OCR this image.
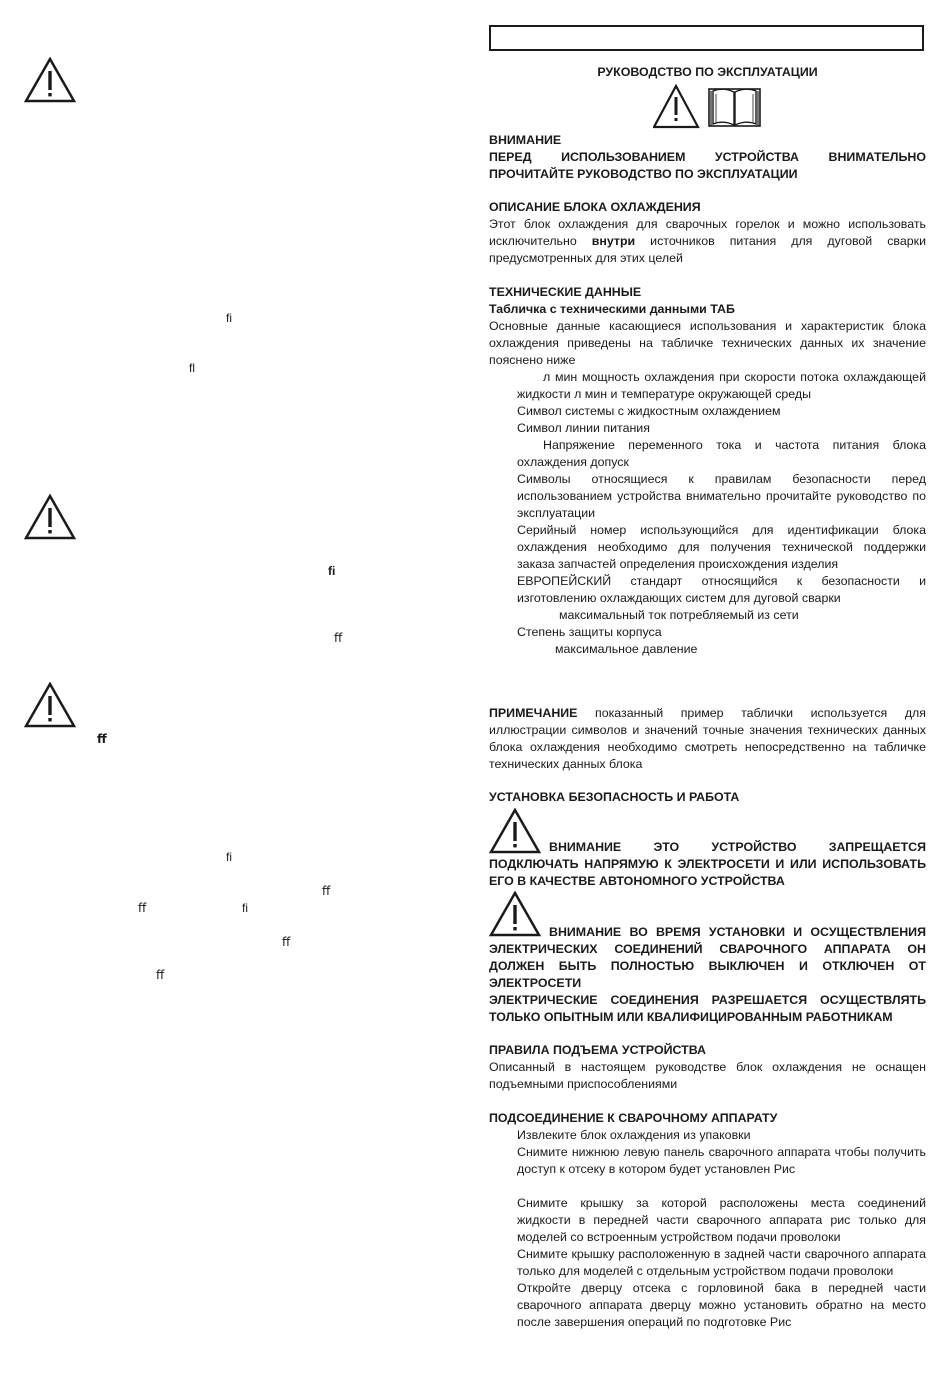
ﬁ
ﬂ
ﬁ
ﬀ
ﬀ
ﬁ
ﬀ
ﬀ	ﬁ
ﬀ
ﬀ
РУКОВОДСТВО ПО ЭКСПЛУАТАЦИИ

ВНИМАНИЕ

ПЕРЕД ИСПОЛЬЗОВАНИЕМ УСТРОЙСТВА ВНИМАТЕЛЬНО ПРОЧИТАЙТЕ РУКОВОДСТВО ПО ЭКСПЛУАТАЦИИ

ОПИСАНИЕ БЛОКА ОХЛАЖДЕНИЯ

Этот блок охлаждения для сварочных горелок и можно использовать исключительно внутри источников питания для дуговой сварки предусмотренных для этих целей

ТЕХНИЧЕСКИЕ ДАННЫЕ

Табличка с техническими данными ТАБ

Основные данные касающиеся использования и характеристик блока охлаждения приведены на табличке технических данных их значение пояснено ниже

л мин мощность охлаждения при скорости потока охлаждающей жидкости л мин и температуре окружающей среды

Символ системы с жидкостным охлаждением

Символ линии питания

Напряжение переменного тока и частота питания блока охлаждения допуск

Символы относящиеся к правилам безопасности перед использованием устройства внимательно прочитайте руководство по эксплуатации

Серийный номер использующийся для идентификации блока охлаждения необходимо для получения технической поддержки заказа запчастей определения происхождения изделия

ЕВРОПЕЙСКИЙ стандарт относящийся к безопасности и изготовлению охлаждающих систем для дуговой сварки

максимальный ток потребляемый из сети

Степень защиты корпуса

максимальное давление

ПРИМЕЧАНИЕ показанный пример таблички используется для иллюстрации символов и значений точные значения технических данных блока охлаждения необходимо смотреть непосредственно на табличке технических данных блока

УСТАНОВКА БЕЗОПАСНОСТЬ И РАБОТА

ВНИМАНИЕ ЭТО УСТРОЙСТВО ЗАПРЕЩАЕТСЯ ПОДКЛЮЧАТЬ НАПРЯМУЮ К ЭЛЕКТРОСЕТИ И ИЛИ ИСПОЛЬЗОВАТЬ ЕГО В КАЧЕСТВЕ АВТОНОМНОГО УСТРОЙСТВА

ВНИМАНИЕ ВО ВРЕМЯ УСТАНОВКИ И ОСУЩЕСТВЛЕНИЯ ЭЛЕКТРИЧЕСКИХ СОЕДИНЕНИЙ СВАРОЧНОГО АППАРАТА ОН ДОЛЖЕН БЫТЬ ПОЛНОСТЬЮ ВЫКЛЮЧЕН И ОТКЛЮЧЕН ОТ ЭЛЕКТРОСЕТИ

ЭЛЕКТРИЧЕСКИЕ СОЕДИНЕНИЯ РАЗРЕШАЕТСЯ ОСУЩЕСТВЛЯТЬ ТОЛЬКО ОПЫТНЫМ ИЛИ КВАЛИФИЦИРОВАННЫМ РАБОТНИКАМ

ПРАВИЛА ПОДЪЕМА УСТРОЙСТВА

Описанный в настоящем руководстве блок охлаждения не оснащен подъемными приспособлениями

ПОДСОЕДИНЕНИЕ К СВАРОЧНОМУ АППАРАТУ

Извлеките блок охлаждения из упаковки

Снимите нижнюю левую панель сварочного аппарата чтобы получить доступ к отсеку в котором будет установлен Рис

Снимите крышку за которой расположены места соединений жидкости в передней части сварочного аппарата рис только для моделей со встроенным устройством подачи проволоки

Снимите крышку расположенную в задней части сварочного аппарата только для моделей с отдельным устройством подачи проволоки

Откройте дверцу отсека с горловиной бака в передней части сварочного аппарата дверцу можно установить обратно на место после завершения операций по подготовке Рис
